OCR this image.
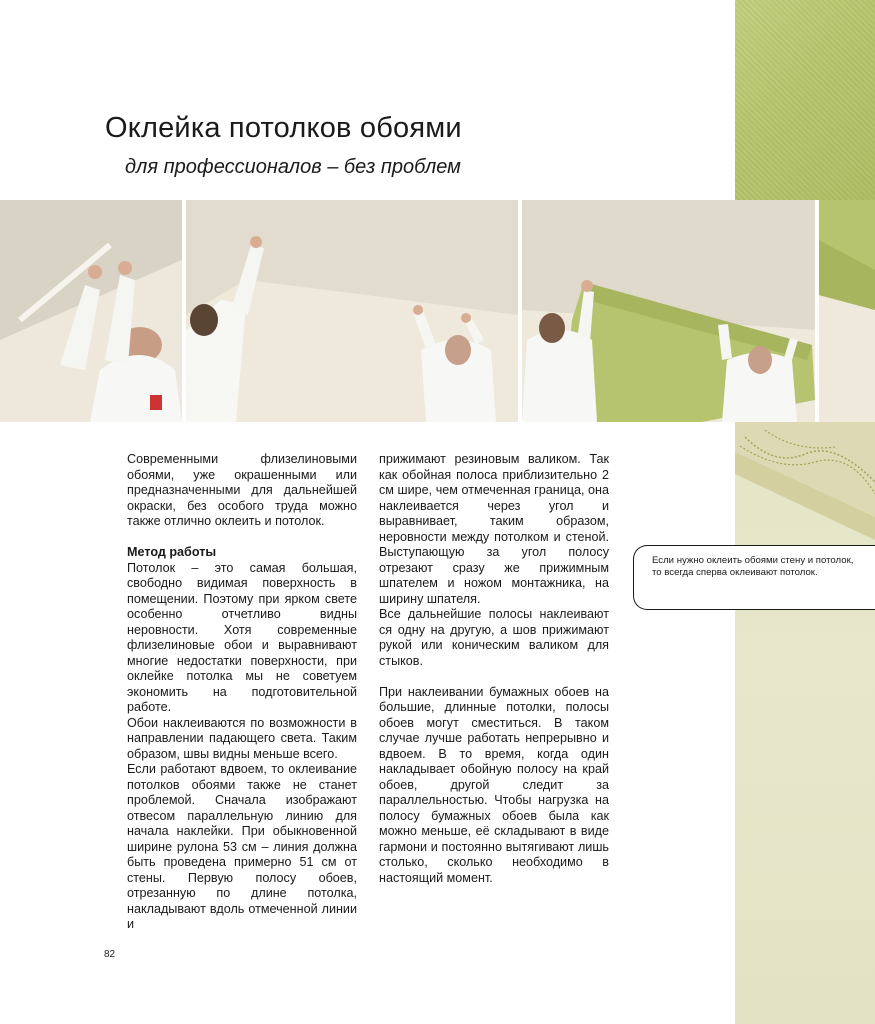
Оклейка потолков обоями
для профессионалов – без проблем
Если нужно оклеить обоями стену и потолок, то всегда сперва оклеивают потолок.

Современными флизелиновыми обоями, уже окрашенными или предназначенными для дальнейшей окраски, без особого труда можно также отлично оклеить и потолок.

Метод работы

Потолок – это самая большая, свободно видимая поверхность в помещении. Поэтому при ярком свете особенно отчетливо видны неровности. Хотя современные флизелиновые обои и выравнивают многие недостатки поверхности, при оклейке потолка мы не советуем экономить на подготовительной работе.

Обои наклеиваются по возможности в направлении падающего света. Таким образом, швы видны меньше всего.

Если работают вдвоем, то оклеивание потолков обоями также не станет проблемой. Сначала изображают отвесом параллельную линию для начала наклейки. При обыкновенной ширине рулона 53 см – линия должна быть проведена примерно 51 см от стены. Первую полосу обоев, отрезанную по длине потолка, накладывают вдоль отмеченной линии и

прижимают резиновым валиком. Так как обойная полоса приблизительно 2 см шире, чем отмеченная граница, она наклеивается через угол и выравнивает, таким образом, неровности между потолком и стеной. Выступающую за угол полосу отрезают сразу же прижимным шпателем и ножом монтажника, на ширину шпателя.

Все дальнейшие полосы наклеивают ся одну на другую, а шов прижимают рукой или коническим валиком для стыков.

При наклеивании бумажных обоев на большие, длинные потолки, полосы обоев могут сместиться. В таком случае лучше работать непрерывно и вдвоем. В то время, когда один накладывает обойную полосу на край обоев, другой следит за параллельностью. Чтобы нагрузка на полосу бумажных обоев была как можно меньше, её складывают в виде гармони и постоянно вытягивают лишь столько, сколько необходимо в настоящий момент.

82
